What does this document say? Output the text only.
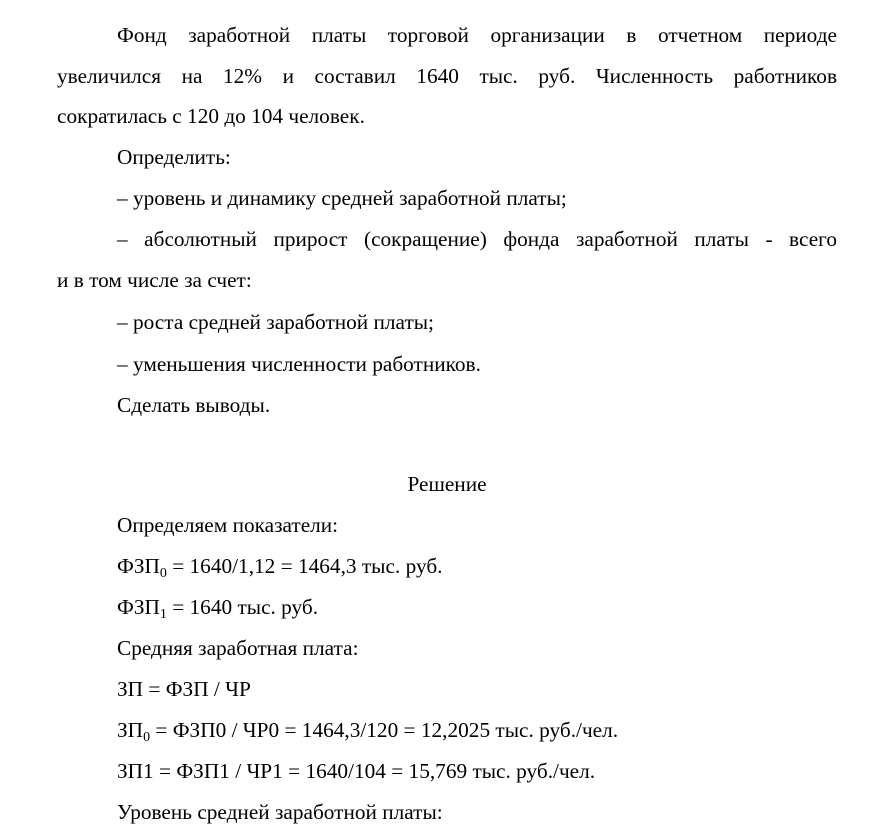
Фонд заработной платы торговой организации в отчетном периоде
увеличился на 12% и составил 1640 тыс. руб. Численность работников
сократилась с 120 до 104 человек.
Определить:
– уровень и динамику средней заработной платы;
– абсолютный прирост (сокращение) фонда заработной платы - всего
и в том числе за счет:
– роста средней заработной платы;
– уменьшения численности работников.
Сделать выводы.
Решение
Определяем показатели:
$ФЗП_0 = 1640/1,12 = 1464,3$ тыс. руб.
$ФЗП_1 = 1640$ тыс. руб.
Средняя заработная плата:
ЗП = ФЗП / ЧР
$ЗП_0 = ФЗП0 / ЧР0 = 1464,3/120 = 12,2025$ тыс. руб./чел.
ЗП1 = ФЗП1 / ЧР1 = 1640/104 = 15,769 тыс. руб./чел.
Уровень средней заработной платы:
